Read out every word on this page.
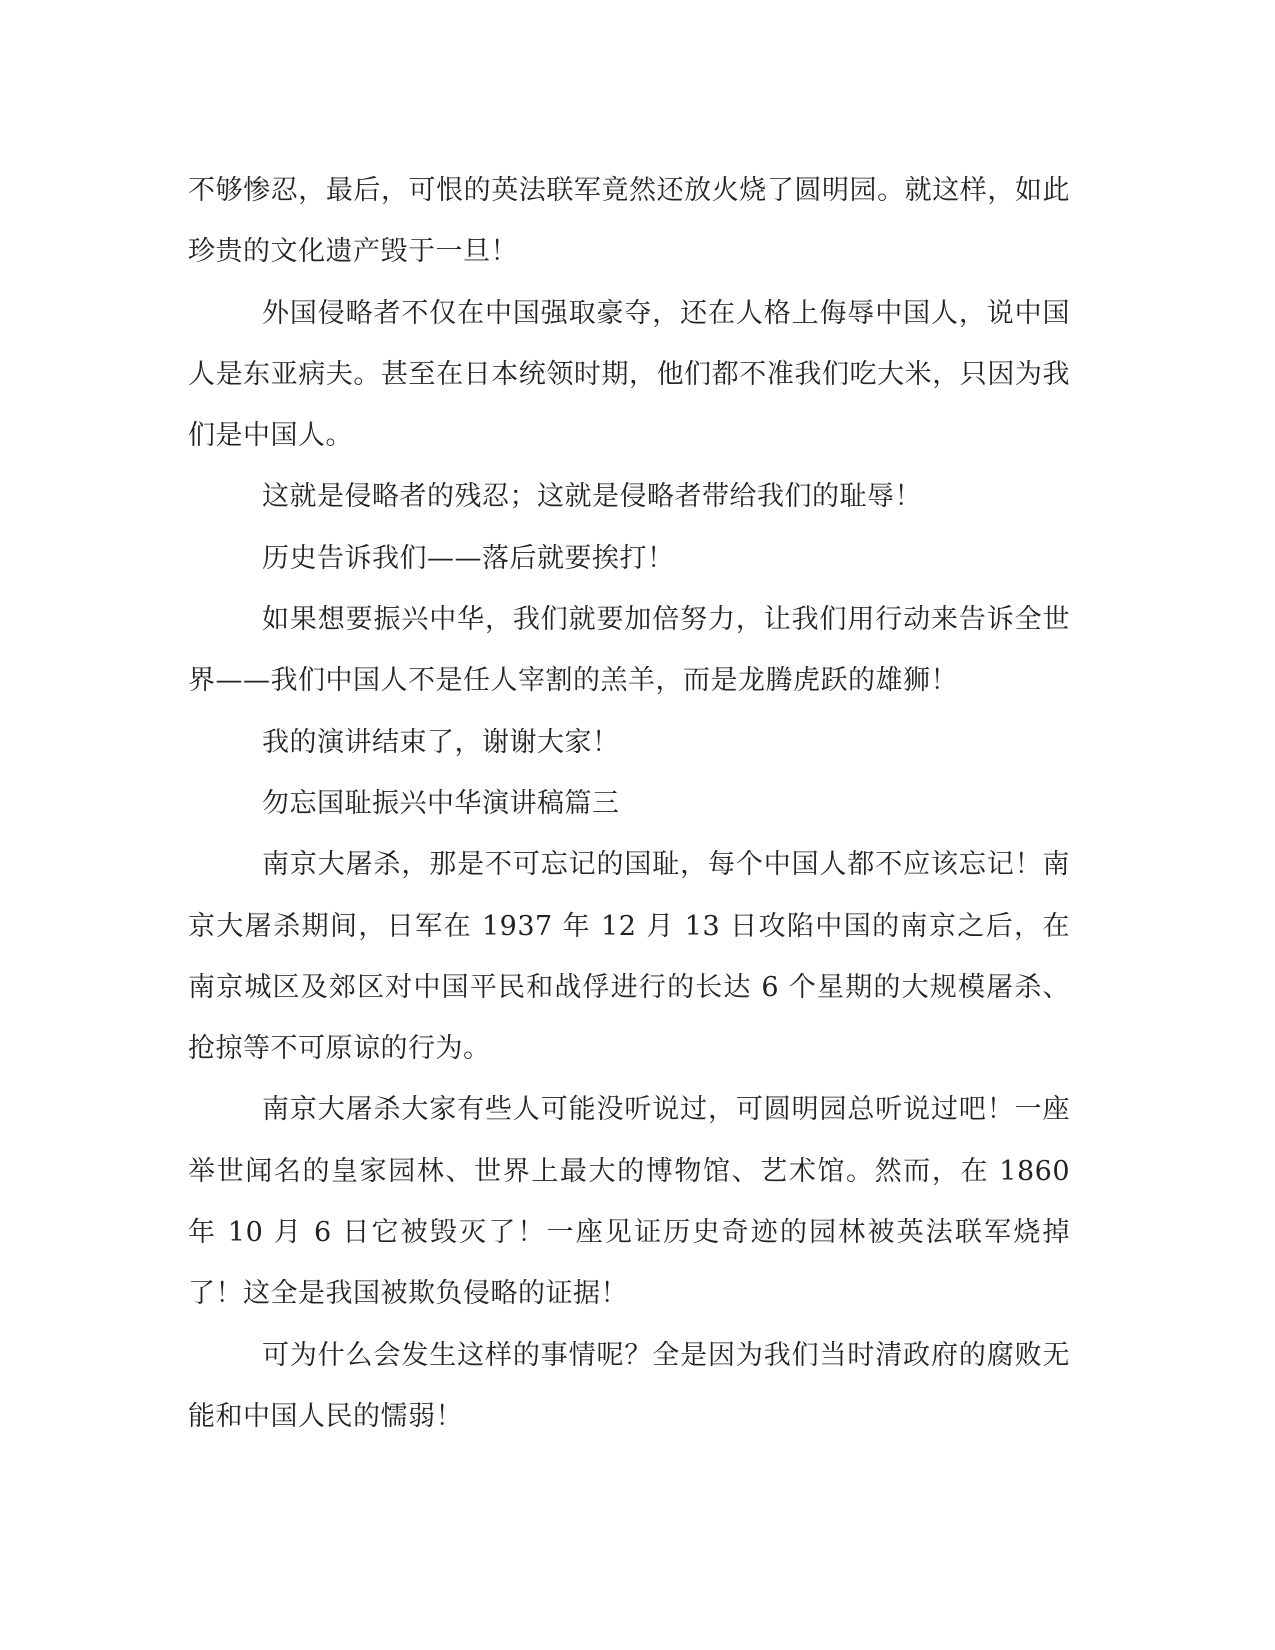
不够惨忍，最后，可恨的英法联军竟然还放火烧了圆明园。就这样，如此珍贵的文化遗产毁于一旦！

外国侵略者不仅在中国强取豪夺，还在人格上侮辱中国人，说中国人是东亚病夫。甚至在日本统领时期，他们都不准我们吃大米，只因为我们是中国人。

这就是侵略者的残忍；这就是侵略者带给我们的耻辱！

历史告诉我们——落后就要挨打！

如果想要振兴中华，我们就要加倍努力，让我们用行动来告诉全世界——我们中国人不是任人宰割的羔羊，而是龙腾虎跃的雄狮！

我的演讲结束了，谢谢大家！

勿忘国耻振兴中华演讲稿篇三

南京大屠杀，那是不可忘记的国耻，每个中国人都不应该忘记！南京大屠杀期间，日军在 1937 年 12 月 13 日攻陷中国的南京之后，在南京城区及郊区对中国平民和战俘进行的长达 6 个星期的大规模屠杀、抢掠等不可原谅的行为。

南京大屠杀大家有些人可能没听说过，可圆明园总听说过吧！一座举世闻名的皇家园林、世界上最大的博物馆、艺术馆。然而，在 1860 年 10 月 6 日它被毁灭了！一座见证历史奇迹的园林被英法联军烧掉了！这全是我国被欺负侵略的证据！

可为什么会发生这样的事情呢？全是因为我们当时清政府的腐败无能和中国人民的懦弱！
